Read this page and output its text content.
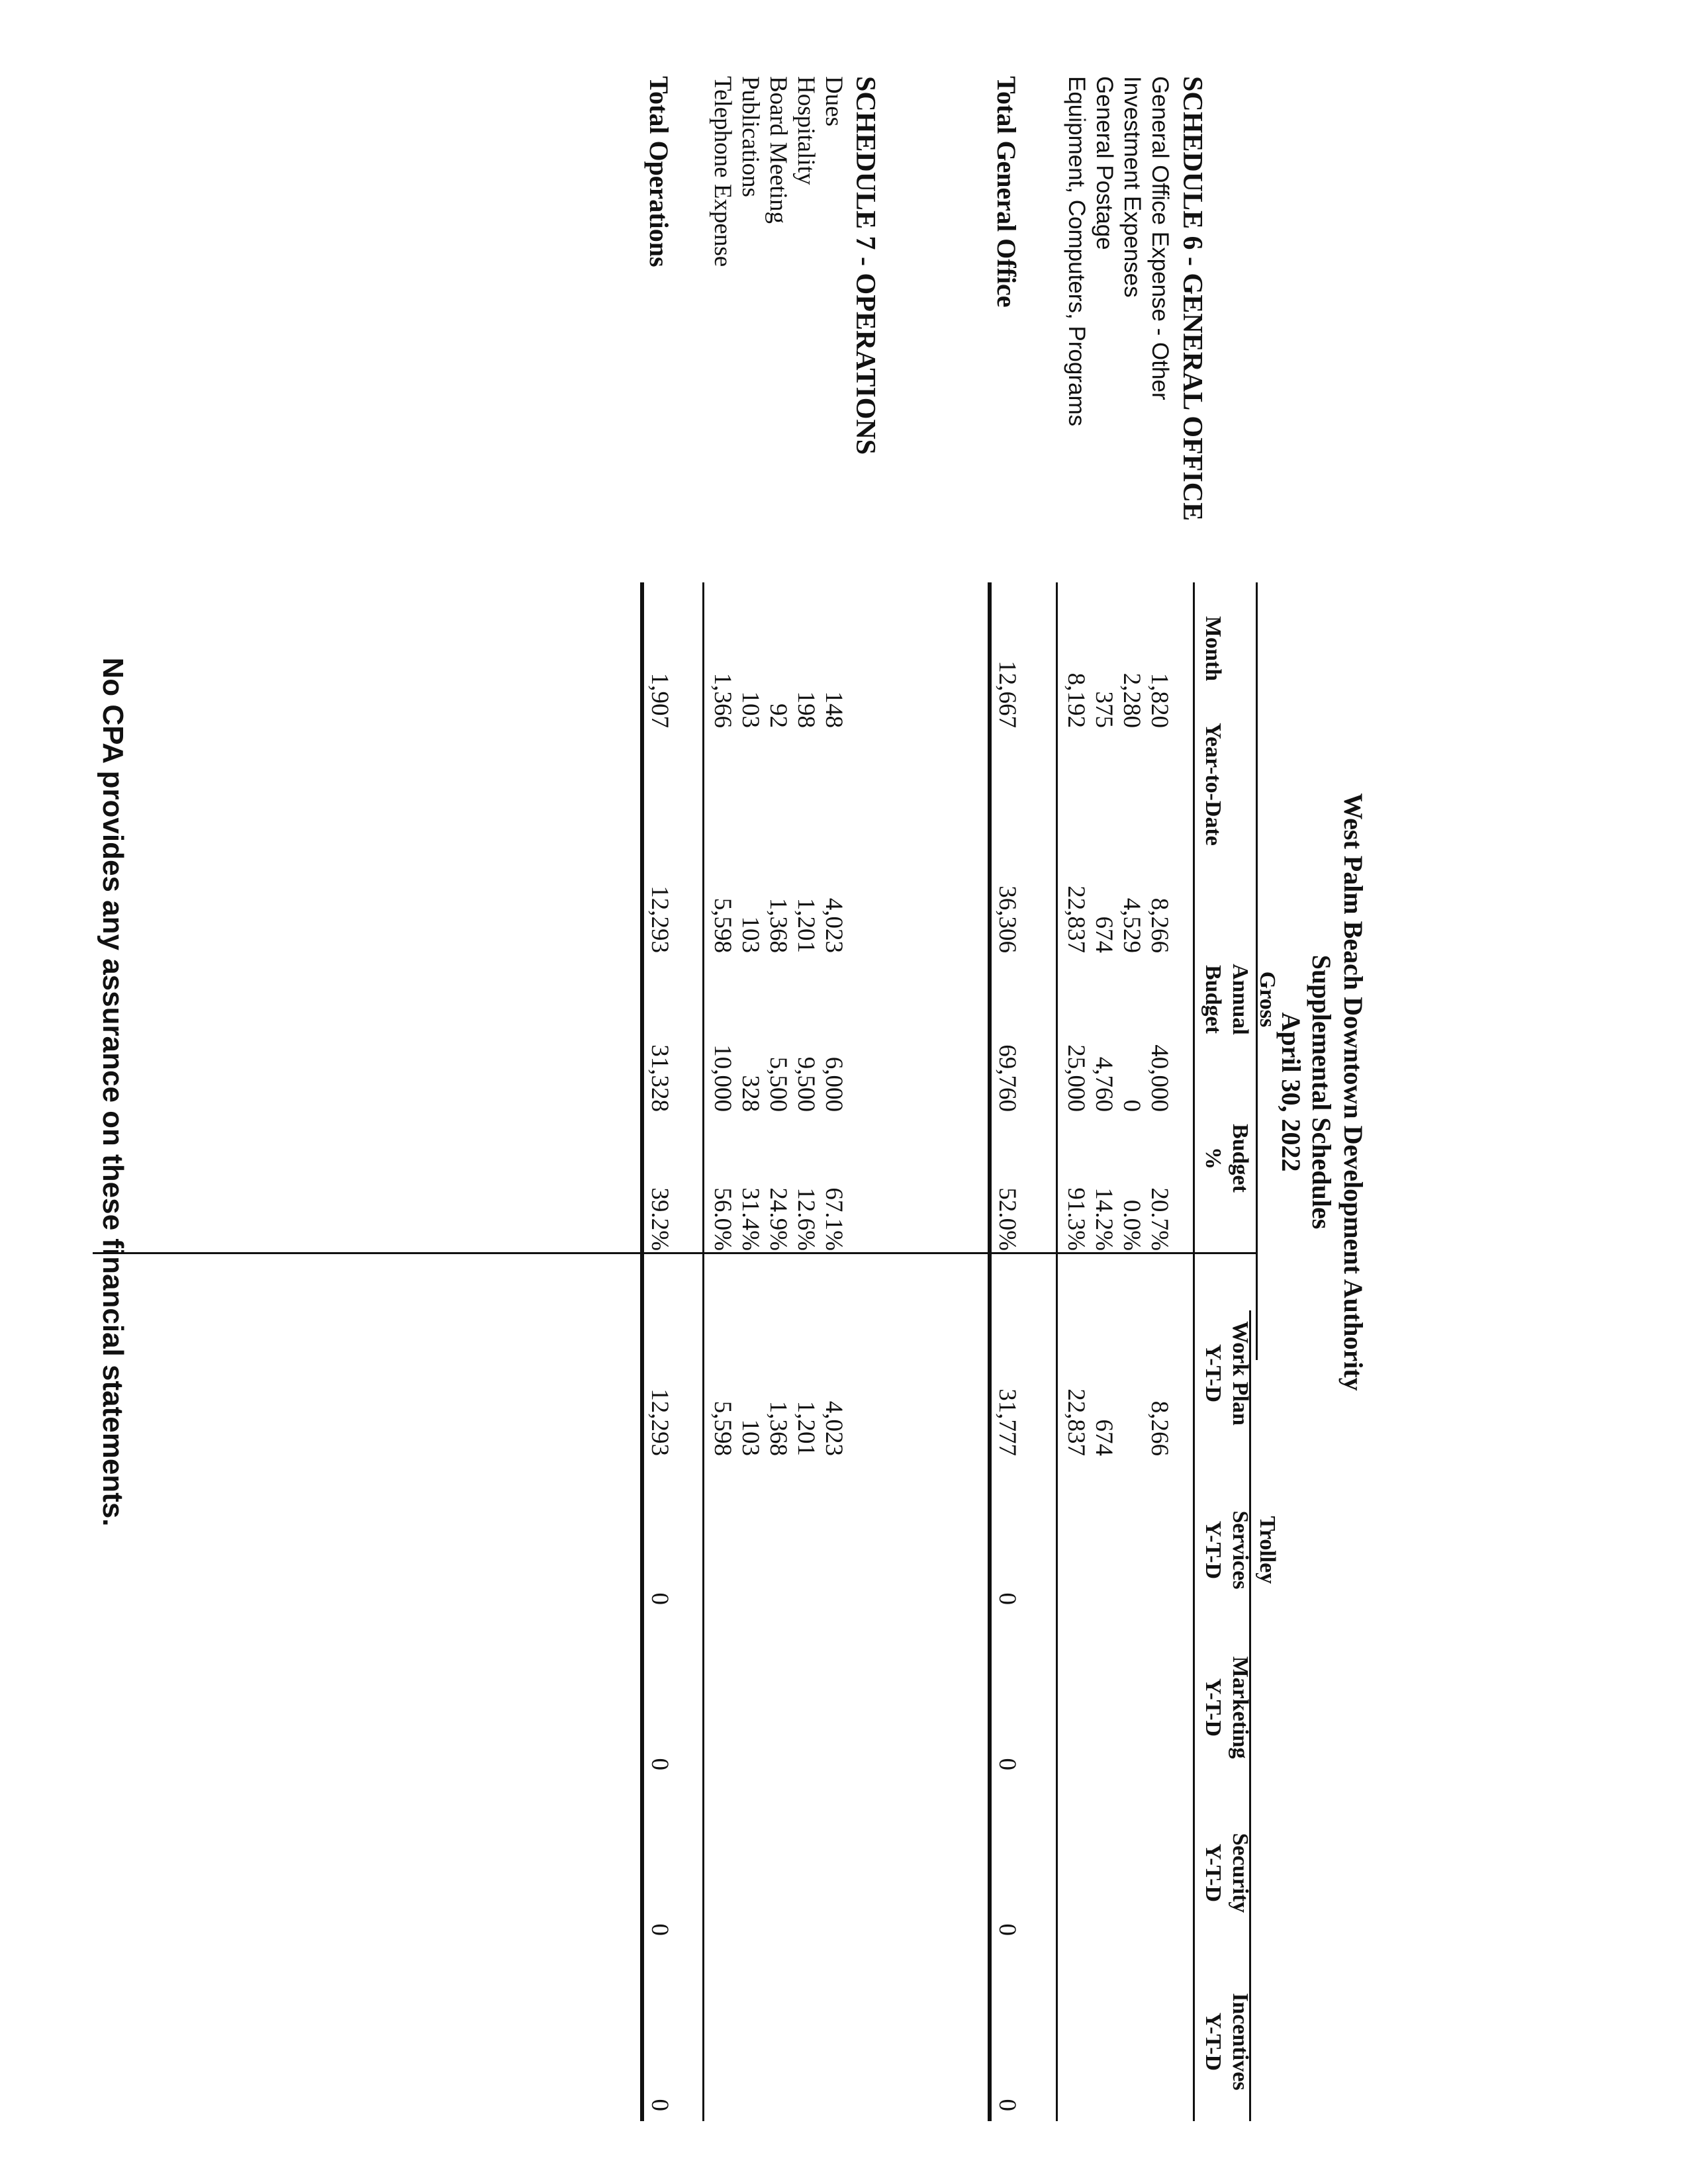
West Palm Beach Downtown Development Authority
Supplemental Schedules
April 30, 2022
Month
Year-to-Date
Gross
Annual
Budget
Budget
%
Work Plan
Y-T-D
Trolley
Services
Y-T-D
Marketing
Y-T-D
Security
Y-T-D
Incentives
Y-T-D
SCHEDULE 6 - GENERAL OFFICE
General Office Expense - Other
1,820
8,266
40,000
20.7%
8,266
Investment Expenses
2,280
4,529
0
0.0%
General Postage
375
674
4,760
14.2%
674
Equipment, Computers, Programs
8,192
22,837
25,000
91.3%
22,837
Total General Office
12,667
36,306
69,760
52.0%
31,777
0
0
0
0
SCHEDULE 7 - OPERATIONS
Dues
148
4,023
6,000
67.1%
4,023
Hospitality
198
1,201
9,500
12.6%
1,201
Board Meeting
92
1,368
5,500
24.9%
1,368
Publications
103
103
328
31.4%
103
Telephone Expense
1,366
5,598
10,000
56.0%
5,598
Total Operations
1,907
12,293
31,328
39.2%
12,293
0
0
0
0
No CPA provides any assurance on these financial statements.
